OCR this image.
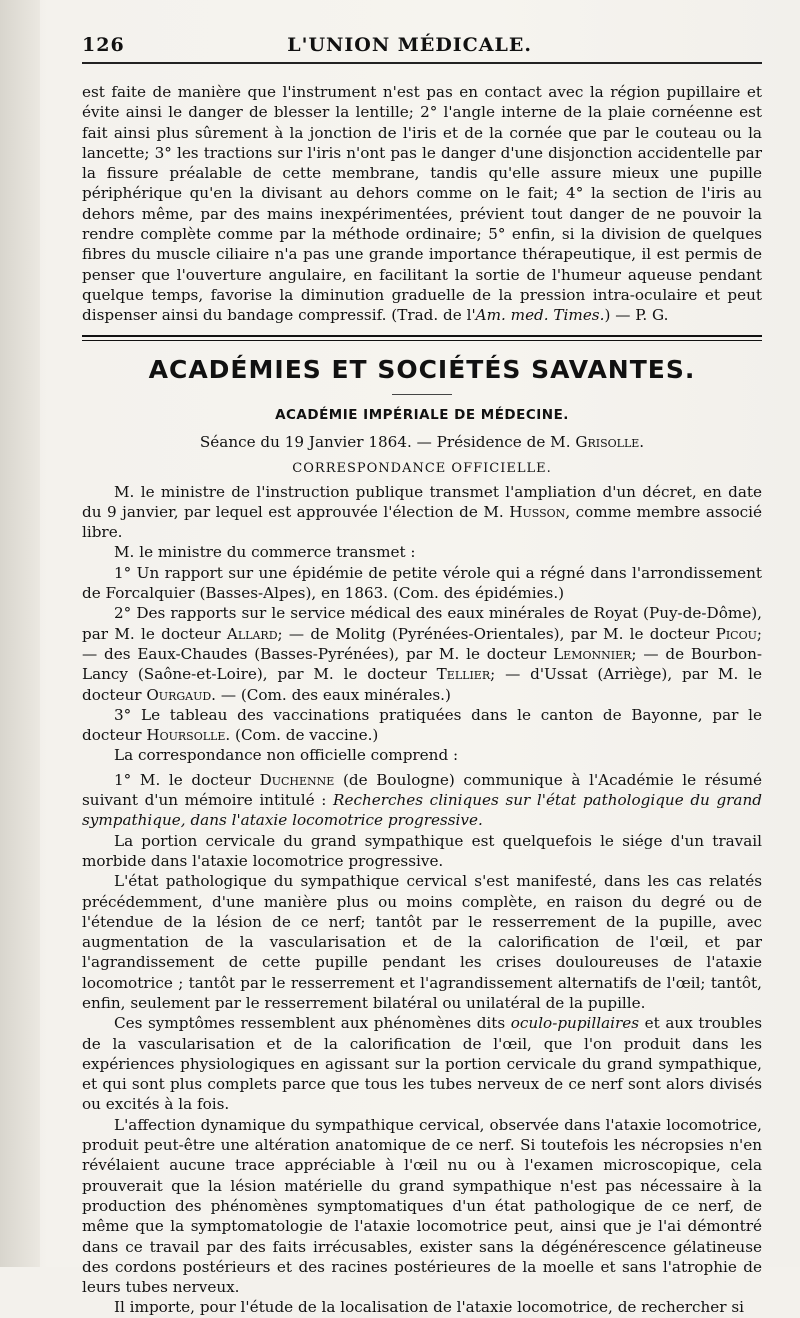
126	L'UNION MÉDICALE.

est faite de manière que l'instrument n'est pas en contact avec la région pupillaire et évite ainsi le danger de blesser la lentille; 2° l'angle interne de la plaie cornéenne est fait ainsi plus sûrement à la jonction de l'iris et de la cornée que par le couteau ou la lancette; 3° les tractions sur l'iris n'ont pas le danger d'une disjonction accidentelle par la fissure préalable de cette membrane, tandis qu'elle assure mieux une pupille périphérique qu'en la divisant au dehors comme on le fait; 4° la section de l'iris au dehors même, par des mains inexpérimentées, prévient tout danger de ne pouvoir la rendre complète comme par la méthode ordinaire; 5° enfin, si la division de quelques fibres du muscle ciliaire n'a pas une grande importance thérapeutique, il est permis de penser que l'ouverture angulaire, en facilitant la sortie de l'humeur aqueuse pendant quelque temps, favorise la diminution graduelle de la pression intra-oculaire et peut dispenser ainsi du bandage compressif. (Trad. de l'Am. med. Times.) — P. G.

ACADÉMIES ET SOCIÉTÉS SAVANTES.
ACADÉMIE IMPÉRIALE DE MÉDECINE.
Séance du 19 Janvier 1864. — Présidence de M. Grisolle.
CORRESPONDANCE OFFICIELLE.

M. le ministre de l'instruction publique transmet l'ampliation d'un décret, en date du 9 janvier, par lequel est approuvée l'élection de M. Husson, comme membre associé libre.

M. le ministre du commerce transmet :

1° Un rapport sur une épidémie de petite vérole qui a régné dans l'arrondissement de Forcalquier (Basses-Alpes), en 1863. (Com. des épidémies.)

2° Des rapports sur le service médical des eaux minérales de Royat (Puy-de-Dôme), par M. le docteur Allard; — de Molitg (Pyrénées-Orientales), par M. le docteur Picou; — des Eaux-Chaudes (Basses-Pyrénées), par M. le docteur Lemonnier; — de Bourbon-Lancy (Saône-et-Loire), par M. le docteur Tellier; — d'Ussat (Arriège), par M. le docteur Ourgaud. — (Com. des eaux minérales.)

3° Le tableau des vaccinations pratiquées dans le canton de Bayonne, par le docteur Hoursolle. (Com. de vaccine.)

La correspondance non officielle comprend :

1° M. le docteur Duchenne (de Boulogne) communique à l'Académie le résumé suivant d'un mémoire intitulé : Recherches cliniques sur l'état pathologique du grand sympathique, dans l'ataxie locomotrice progressive.

La portion cervicale du grand sympathique est quelquefois le siége d'un travail morbide dans l'ataxie locomotrice progressive.

L'état pathologique du sympathique cervical s'est manifesté, dans les cas relatés précédemment, d'une manière plus ou moins complète, en raison du degré ou de l'étendue de la lésion de ce nerf; tantôt par le resserrement de la pupille, avec augmentation de la vascularisation et de la calorification de l'œil, et par l'agrandissement de cette pupille pendant les crises douloureuses de l'ataxie locomotrice ; tantôt par le resserrement et l'agrandissement alternatifs de l'œil; tantôt, enfin, seulement par le resserrement bilatéral ou unilatéral de la pupille.

Ces symptômes ressemblent aux phénomènes dits oculo-pupillaires et aux troubles de la vascularisation et de la calorification de l'œil, que l'on produit dans les expériences physiologiques en agissant sur la portion cervicale du grand sympathique, et qui sont plus complets parce que tous les tubes nerveux de ce nerf sont alors divisés ou excités à la fois.

L'affection dynamique du sympathique cervical, observée dans l'ataxie locomotrice, produit peut-être une altération anatomique de ce nerf. Si toutefois les nécropsies n'en révélaient aucune trace appréciable à l'œil nu ou à l'examen microscopique, cela prouverait que la lésion matérielle du grand sympathique n'est pas nécessaire à la production des phénomènes symptomatiques d'un état pathologique de ce nerf, de même que la symptomatologie de l'ataxie locomotrice peut, ainsi que je l'ai démontré dans ce travail par des faits irrécusables, exister sans la dégénérescence gélatineuse des cordons postérieurs et des racines postérieures de la moelle et sans l'atrophie de leurs tubes nerveux.

Il importe, pour l'étude de la localisation de l'ataxie locomotrice, de rechercher si
